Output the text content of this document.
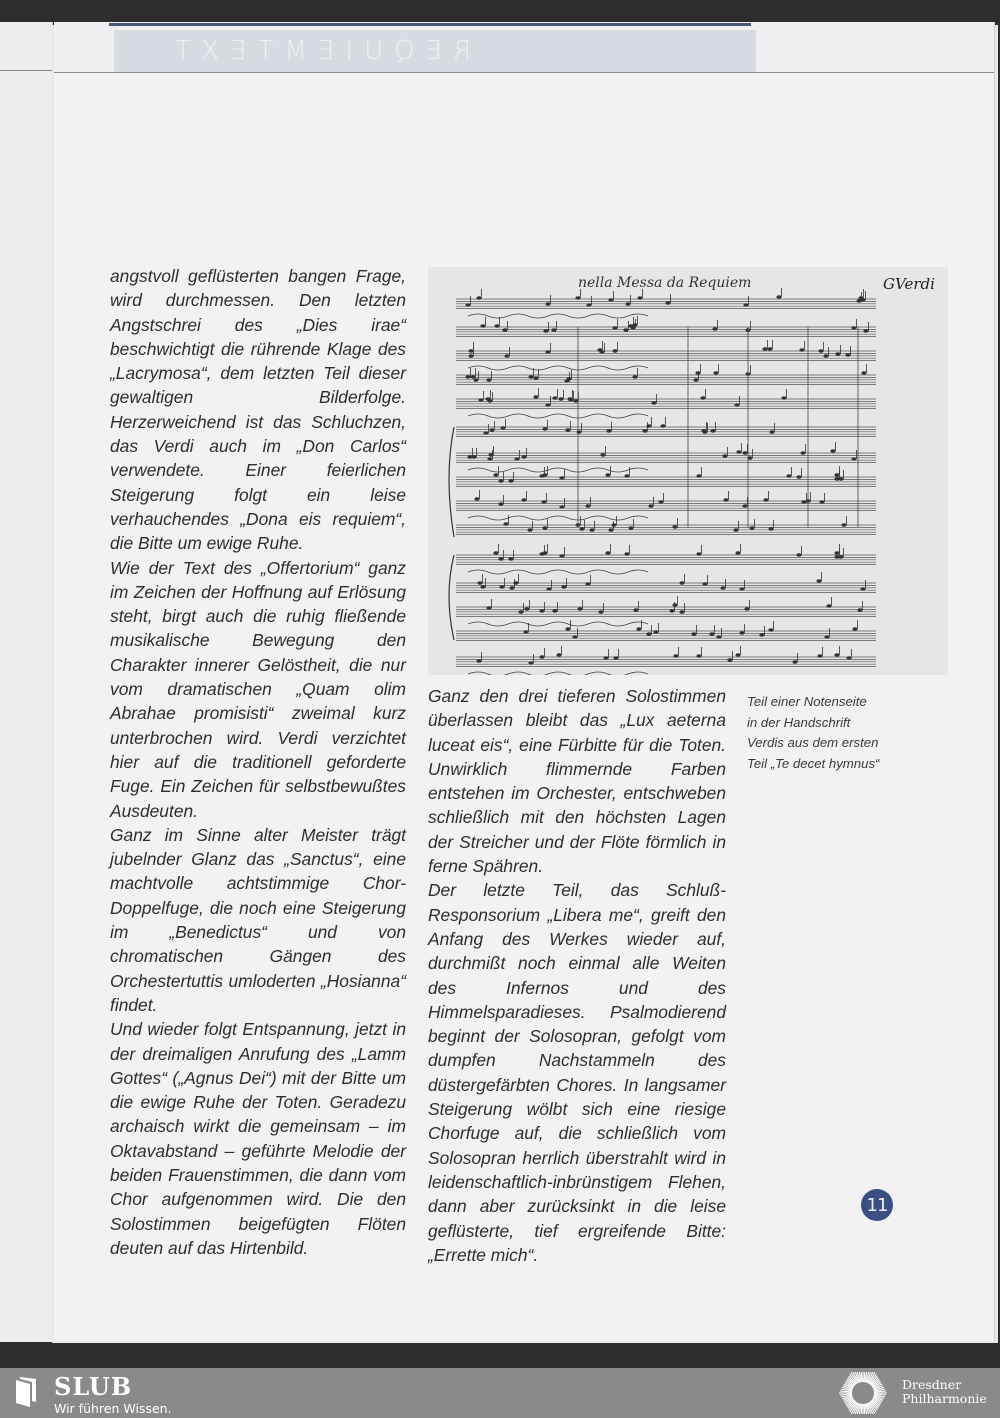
REQUIEMTEXT

angstvoll geflüsterten bangen Frage, wird durchmessen. Den letzten Angstschrei des „Dies irae“ beschwichtigt die rührende Klage des „Lacrymosa“, dem letzten Teil dieser gewaltigen Bilderfolge. Herzerweichend ist das Schluchzen, das Verdi auch im „Don Carlos“ verwendete. Einer feierlichen Steigerung folgt ein leise verhauchendes „Dona eis requiem“, die Bitte um ewige Ruhe.

Wie der Text des „Offertorium“ ganz im Zeichen der Hoffnung auf Erlösung steht, birgt auch die ruhig fließende musikalische Bewegung den Charakter innerer Gelöstheit, die nur vom dramatischen „Quam olim Abrahae promisisti“ zweimal kurz unterbrochen wird. Verdi verzichtet hier auf die traditionell geforderte Fuge. Ein Zeichen für selbstbewußtes Ausdeuten.

Ganz im Sinne alter Meister trägt jubelnder Glanz das „Sanctus“, eine machtvolle achtstimmige Chor-Doppelfuge, die noch eine Steigerung im „Benedictus“ und von chromatischen Gängen des Orchestertuttis umloderten „Hosianna“ findet.

Und wieder folgt Entspannung, jetzt in der dreimaligen Anrufung des „Lamm Gottes“ („Agnus Dei“) mit der Bitte um die ewige Ruhe der Toten. Geradezu archaisch wirkt die gemeinsam – im Oktavabstand – geführte Melodie der beiden Frauenstimmen, die dann vom Chor aufgenommen wird. Die den Solostimmen beigefügten Flöten deuten auf das Hirtenbild.

nella Messa da Requiem	GVerdi
Teil einer Notenseite
in der Handschrift
Verdis aus dem ersten
Teil „Te decet hymnus“

Ganz den drei tieferen Solostimmen überlassen bleibt das „Lux aeterna luceat eis“, eine Fürbitte für die Toten. Unwirklich flimmernde Farben entstehen im Orchester, entschweben schließlich mit den höchsten Lagen der Streicher und der Flöte förmlich in ferne Spähren.

Der letzte Teil, das Schluß-Responsorium „Libera me“, greift den Anfang des Werkes wieder auf, durchmißt noch einmal alle Weiten des Infernos und des Himmelsparadieses. Psalmodierend beginnt der Solosopran, gefolgt vom dumpfen Nachstammeln des düstergefärbten Chores. In langsamer Steigerung wölbt sich eine riesige Chorfuge auf, die schließlich vom Solosopran herrlich überstrahlt wird in leidenschaftlich-inbrünstigem Flehen, dann aber zurücksinkt in die leise geflüsterte, tief ergreifende Bitte: „Errette mich“.

11
SLUB
Wir führen Wissen.
Dresdner
Philharmonie
